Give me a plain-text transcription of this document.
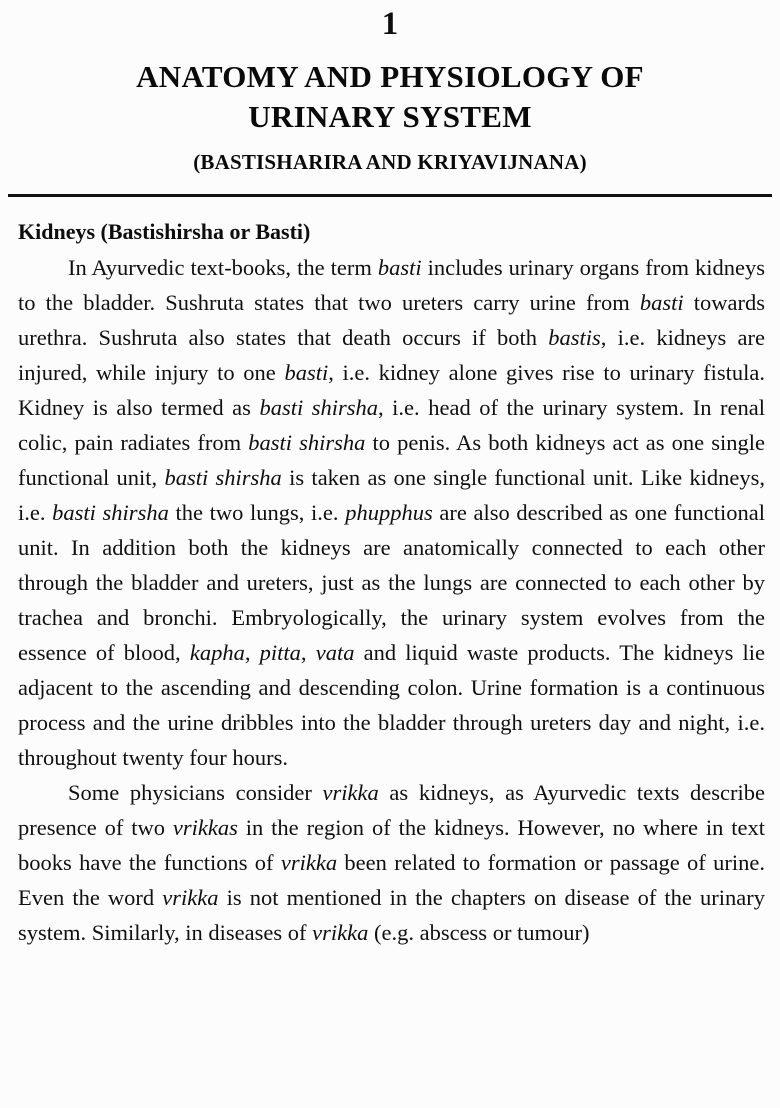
1
ANATOMY AND PHYSIOLOGY OF
URINARY SYSTEM
(BASTISHARIRA AND KRIYAVIJNANA)
Kidneys (Bastishirsha or Basti)

In Ayurvedic text-books, the term basti includes urinary organs from kidneys to the bladder. Sushruta states that two ureters carry urine from basti towards urethra. Sushruta also states that death occurs if both bastis, i.e. kidneys are injured, while injury to one basti, i.e. kidney alone gives rise to urinary fistula. Kidney is also termed as basti shirsha, i.e. head of the urinary system. In renal colic, pain radiates from basti shirsha to penis. As both kidneys act as one single functional unit, basti shirsha is taken as one single functional unit. Like kidneys, i.e. basti shirsha the two lungs, i.e. phupphus are also described as one functional unit. In addition both the kidneys are anatomically connected to each other through the bladder and ureters, just as the lungs are connected to each other by trachea and bronchi. Embryologically, the urinary system evolves from the essence of blood, kapha, pitta, vata and liquid waste products. The kidneys lie adjacent to the ascending and descending colon. Urine formation is a continuous process and the urine dribbles into the bladder through ureters day and night, i.e. throughout twenty four hours.

Some physicians consider vrikka as kidneys, as Ayurvedic texts describe presence of two vrikkas in the region of the kidneys. However, no where in text books have the functions of vrikka been related to formation or passage of urine. Even the word vrikka is not mentioned in the chapters on disease of the urinary system. Similarly, in diseases of vrikka (e.g. abscess or tumour)
